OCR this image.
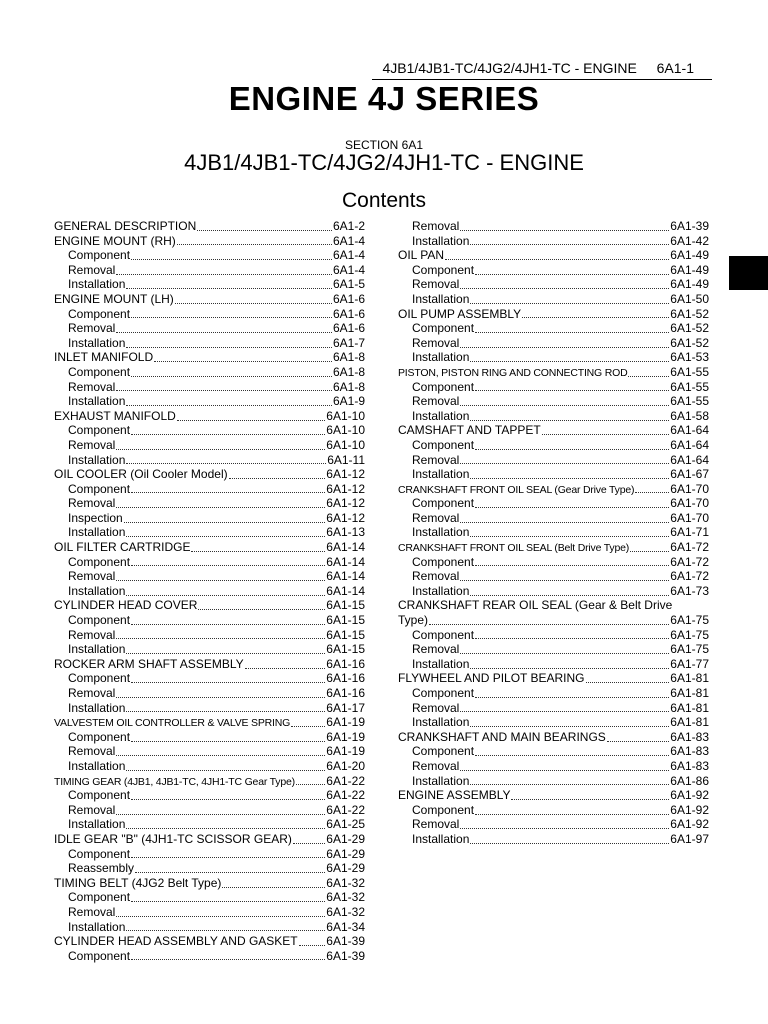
4JB1/4JB1-TC/4JG2/4JH1-TC - ENGINE 6A1-1
ENGINE 4J SERIES
SECTION 6A1
4JB1/4JB1-TC/4JG2/4JH1-TC - ENGINE
Contents
GENERAL DESCRIPTION	6A1-2
ENGINE MOUNT (RH)	6A1-4
Component	6A1-4
Removal	6A1-4
Installation	6A1-5
ENGINE MOUNT (LH)	6A1-6
Component	6A1-6
Removal	6A1-6
Installation	6A1-7
INLET MANIFOLD	6A1-8
Component	6A1-8
Removal	6A1-8
Installation	6A1-9
EXHAUST MANIFOLD	6A1-10
Component	6A1-10
Removal	6A1-10
Installation	6A1-11
OIL COOLER (Oil Cooler Model)	6A1-12
Component	6A1-12
Removal	6A1-12
Inspection	6A1-12
Installation	6A1-13
OIL FILTER CARTRIDGE	6A1-14
Component	6A1-14
Removal	6A1-14
Installation	6A1-14
CYLINDER HEAD COVER	6A1-15
Component	6A1-15
Removal	6A1-15
Installation	6A1-15
ROCKER ARM SHAFT ASSEMBLY	6A1-16
Component	6A1-16
Removal	6A1-16
Installation	6A1-17
VALVESTEM OIL CONTROLLER & VALVE SPRING	6A1-19
Component	6A1-19
Removal	6A1-19
Installation	6A1-20
TIMING GEAR (4JB1, 4JB1-TC, 4JH1-TC Gear Type)	6A1-22
Component	6A1-22
Removal	6A1-22
Installation	6A1-25
IDLE GEAR "B" (4JH1-TC SCISSOR GEAR)	6A1-29
Component	6A1-29
Reassembly	6A1-29
TIMING BELT (4JG2 Belt Type)	6A1-32
Component	6A1-32
Removal	6A1-32
Installation	6A1-34
CYLINDER HEAD ASSEMBLY AND GASKET 6A1-39
Component	6A1-39
Removal	6A1-39
Installation	6A1-42
OIL PAN	6A1-49
Component	6A1-49
Removal	6A1-49
Installation	6A1-50
OIL PUMP ASSEMBLY	6A1-52
Component	6A1-52
Removal	6A1-52
Installation	6A1-53
PISTON, PISTON RING AND CONNECTING ROD	6A1-55
Component	6A1-55
Removal	6A1-55
Installation	6A1-58
CAMSHAFT AND TAPPET	6A1-64
Component	6A1-64
Removal	6A1-64
Installation	6A1-67
CRANKSHAFT FRONT OIL SEAL (Gear Drive Type)	6A1-70
Component	6A1-70
Removal	6A1-70
Installation	6A1-71
CRANKSHAFT FRONT OIL SEAL (Belt Drive Type)	6A1-72
Component	6A1-72
Removal	6A1-72
Installation	6A1-73
CRANKSHAFT REAR OIL SEAL (Gear & Belt Drive
Type)	6A1-75
Component	6A1-75
Removal	6A1-75
Installation	6A1-77
FLYWHEEL AND PILOT BEARING	6A1-81
Component	6A1-81
Removal	6A1-81
Installation	6A1-81
CRANKSHAFT AND MAIN BEARINGS	6A1-83
Component	6A1-83
Removal	6A1-83
Installation	6A1-86
ENGINE ASSEMBLY	6A1-92
Component	6A1-92
Removal	6A1-92
Installation	6A1-97
